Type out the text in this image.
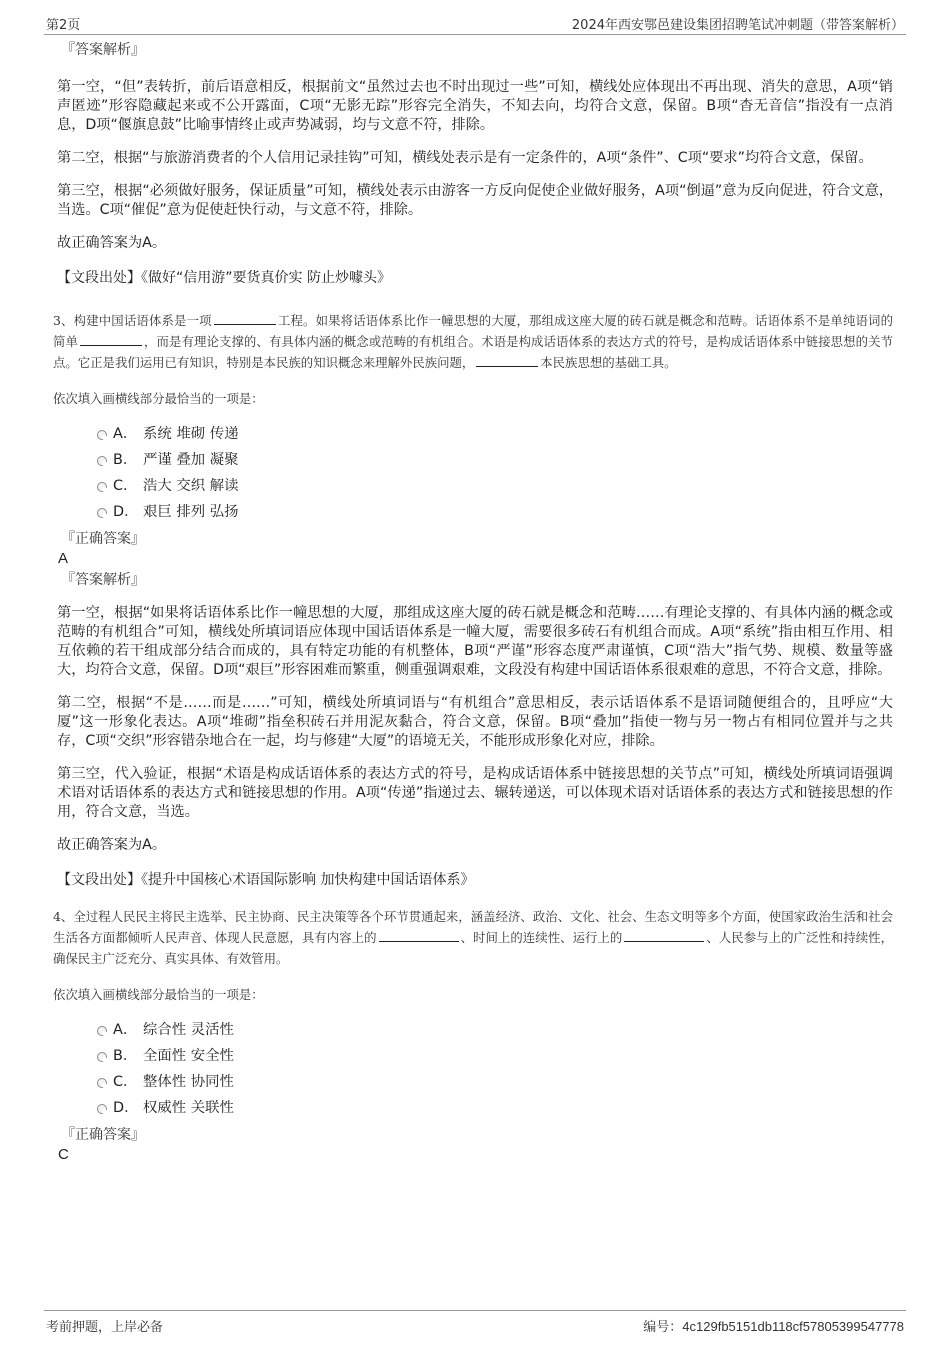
第2页	2024年西安鄂邑建设集团招聘笔试冲刺题（带答案解析）

『答案解析』

第一空，“但”表转折，前后语意相反，根据前文“虽然过去也不时出现过一些”可知，横线处应体现出不再出现、消失的意思，A项“销声匿迹”形容隐藏起来或不公开露面，C项“无影无踪”形容完全消失，不知去向，均符合文意，保留。B项“杳无音信”指没有一点消息，D项“偃旗息鼓”比喻事情终止或声势减弱，均与文意不符，排除。

第二空，根据“与旅游消费者的个人信用记录挂钩”可知，横线处表示是有一定条件的，A项“条件”、C项“要求”均符合文意，保留。

第三空，根据“必须做好服务，保证质量”可知，横线处表示由游客一方反向促使企业做好服务，A项“倒逼”意为反向促进，符合文意，当选。C项“催促”意为促使赶快行动，与文意不符，排除。

故正确答案为A。

【文段出处】《做好“信用游”要货真价实 防止炒噱头》

3、构建中国话语体系是一项	工程。如果将话语体系比作一幢思想的大厦，那组成这座大厦的砖石就是概念和范畴。话语体系不是单纯语词的简单	，而是有理论支撑的、有具体内涵的概念或范畴的有机组合。术语是构成话语体系的表达方式的符号，是构成话语体系中链接思想的关节点。它正是我们运用已有知识，特别是本民族的知识概念来理解外民族问题，	本民族思想的基础工具。

依次填入画横线部分最恰当的一项是：

A． 系统 堆砌 传递
B． 严谨 叠加 凝聚
C． 浩大 交织 解读
D． 艰巨 排列 弘扬

『正确答案』

A

『答案解析』

第一空，根据“如果将话语体系比作一幢思想的大厦，那组成这座大厦的砖石就是概念和范畴……有理论支撑的、有具体内涵的概念或范畴的有机组合”可知，横线处所填词语应体现中国话语体系是一幢大厦，需要很多砖石有机组合而成。A项“系统”指由相互作用、相互依赖的若干组成部分结合而成的，具有特定功能的有机整体，B项“严谨”形容态度严肃谨慎，C项“浩大”指气势、规模、数量等盛大，均符合文意，保留。D项“艰巨”形容困难而繁重，侧重强调艰难，文段没有构建中国话语体系很艰难的意思，不符合文意，排除。

第二空，根据“不是……而是……”可知，横线处所填词语与“有机组合”意思相反，表示话语体系不是语词随便组合的，且呼应“大厦”这一形象化表达。A项“堆砌”指垒积砖石并用泥灰黏合，符合文意，保留。B项“叠加”指使一物与另一物占有相同位置并与之共存，C项“交织”形容错杂地合在一起，均与修建“大厦”的语境无关，不能形成形象化对应，排除。

第三空，代入验证，根据“术语是构成话语体系的表达方式的符号，是构成话语体系中链接思想的关节点”可知，横线处所填词语强调术语对话语体系的表达方式和链接思想的作用。A项“传递”指递过去、辗转递送，可以体现术语对话语体系的表达方式和链接思想的作用，符合文意，当选。

故正确答案为A。

【文段出处】《提升中国核心术语国际影响 加快构建中国话语体系》

4、全过程人民民主将民主选举、民主协商、民主决策等各个环节贯通起来，涵盖经济、政治、文化、社会、生态文明等多个方面，使国家政治生活和社会生活各方面都倾听人民声音、体现人民意愿，具有内容上的	、时间上的连续性、运行上的	、人民参与上的广泛性和持续性，确保民主广泛充分、真实具体、有效管用。

依次填入画横线部分最恰当的一项是：

A． 综合性 灵活性
B． 全面性 安全性
C． 整体性 协同性
D． 权威性 关联性

『正确答案』

C

考前押题，上岸必备	编号：4c129fb5151db118cf57805399547778
